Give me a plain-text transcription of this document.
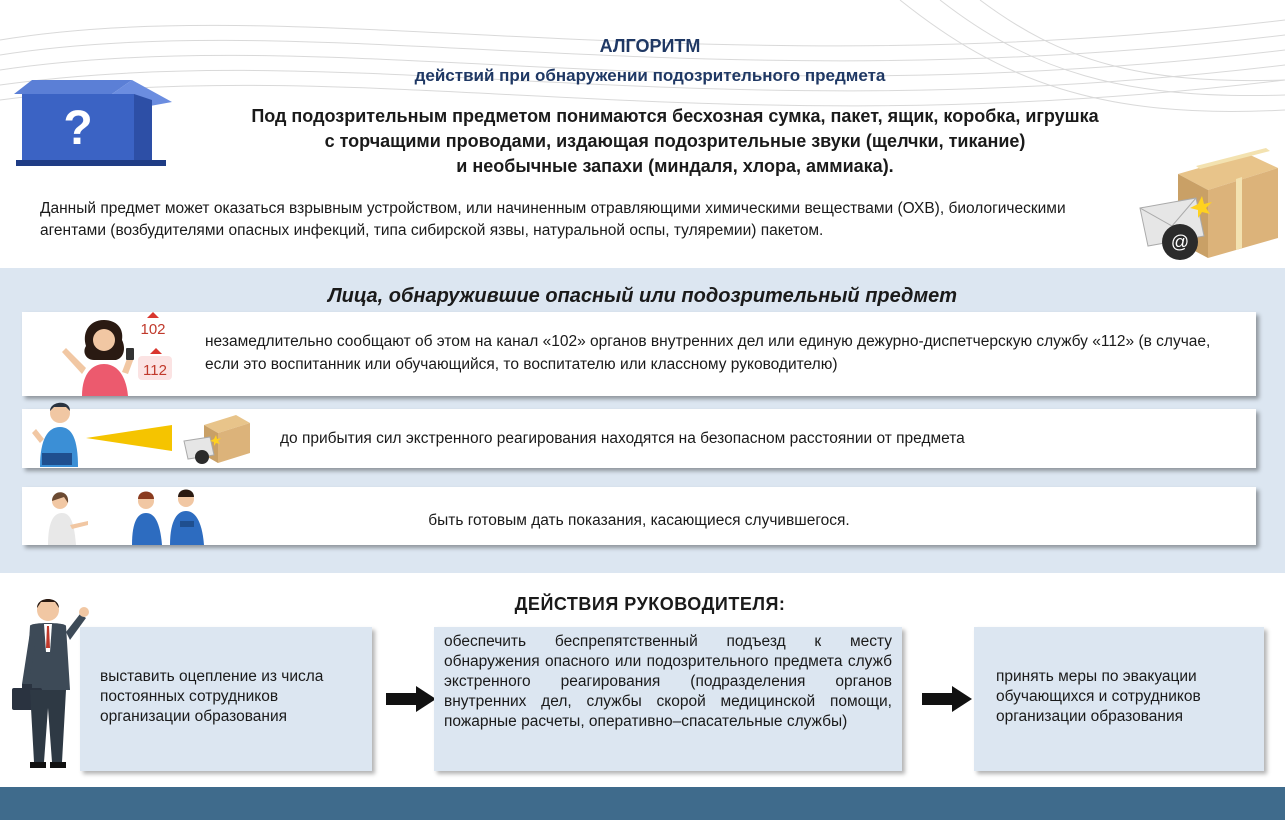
АЛГОРИТМ
действий при обнаружении подозрительного предмета
?	Под подозрительным предметом понимаются бесхозная сумка, пакет, ящик, коробка, игрушка
с торчащими проводами, издающая подозрительные звуки (щелчки, тикание)
и необычные запахи (миндаля, хлора, аммиака).
Данный предмет может оказаться взрывным устройством, или начиненным отравляющими химическими веществами (ОХВ), биологическими агентами (возбудителями опасных инфекций, типа сибирской язвы, натуральной оспы, туляремии) пакетом.
@
Лица, обнаружившие опасный или подозрительный предмет
102
112
незамедлительно сообщают об этом на канал «102» органов внутренних дел или единую дежурно-диспетчерскую службу «112» (в случае, если это воспитанник или обучающийся, то воспитателю или классному руководителю)
до прибытия сил экстренного реагирования находятся на безопасном расстоянии от предмета
быть готовым дать показания, касающиеся случившегося.
ДЕЙСТВИЯ РУКОВОДИТЕЛЯ:
выставить оцепление из числа постоянных сотрудников организации образования
обеспечить беспрепятственный подъезд к месту обнаружения опасного или подозрительного предмета служб экстренного реагирования (подразделения органов внутренних дел, службы скорой медицинской помощи, пожарные расчеты, оперативно–спасательные службы)
принять меры по эвакуации обучающихся и сотрудников организации образования
